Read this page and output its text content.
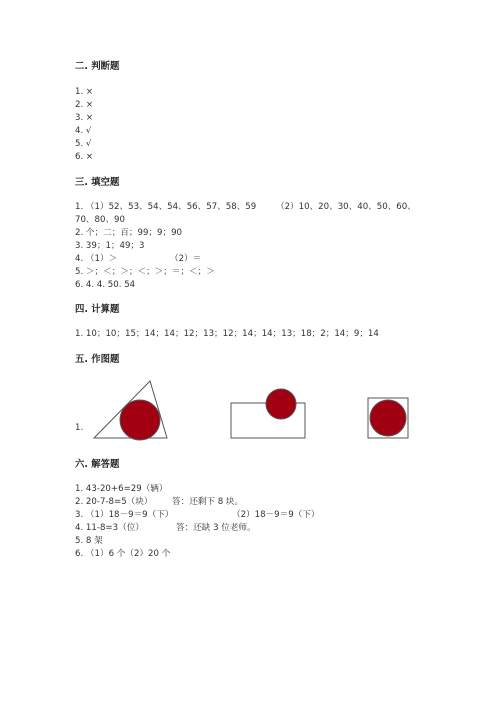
二. 判断题
1. ×
2. ×
3. ×
4. √
5. √
6. ×
三. 填空题
1. （1）52、53、54、54、56、57、58、59 （2）10、20、30、40、50、60、
70、80、90
2. 个；二；百；99；9；90
3. 39；1；49；3
4. （1）＞	（2）＝
5. ＞；＜；＞；＜；＞；＝；＜；＞
6. 4. 4. 50. 54
四. 计算题
1. 10；10；15；14；14；12；13；12；14；14；13；18；2；14；9；14
五. 作图题
1.
六. 解答题
1. 43-20+6=29（辆）
2. 20-7-8=5（块） 答：还剩下 8 块。
3. （1）18－9＝9（下）	（2）18－9＝9（下）
4. 11-8=3（位）	答：还缺 3 位老师。
5. 8 架
6. （1）6 个（2）20 个
